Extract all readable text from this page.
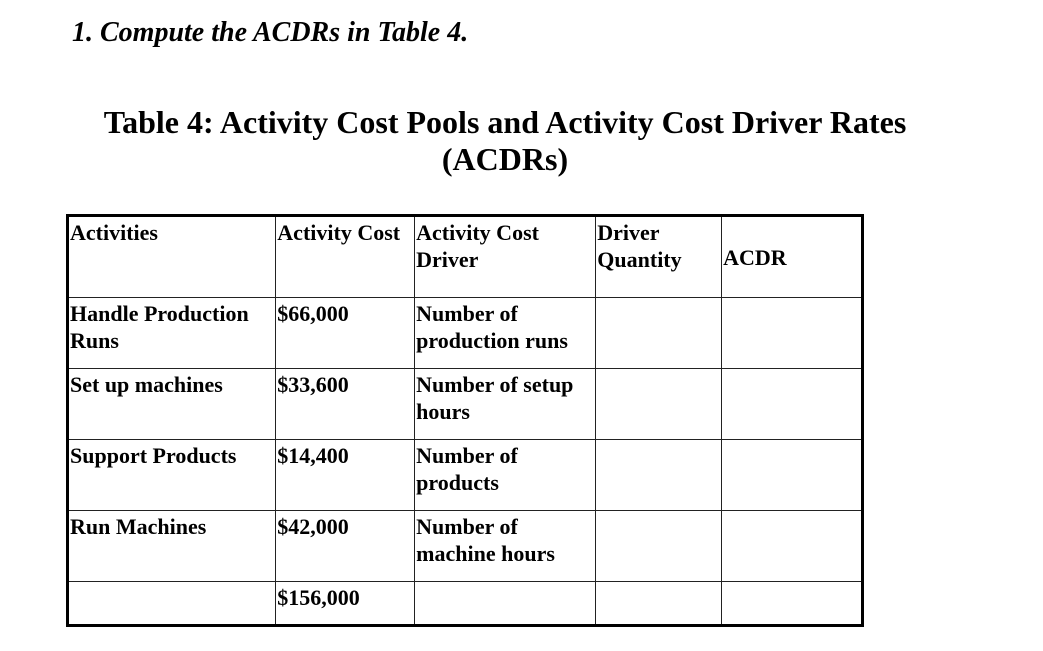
1. Compute the ACDRs in Table 4.

Table 4: Activity Cost Pools and Activity Cost Driver Rates (ACDRs)
Activities	Activity Cost	Activity Cost Driver	Driver Quantity	ACDR
Handle Production Runs	$66,000	Number of production runs		
Set up machines	$33,600	Number of setup hours		
Support Products	$14,400	Number of products		
Run Machines	$42,000	Number of machine hours		
	$156,000			
